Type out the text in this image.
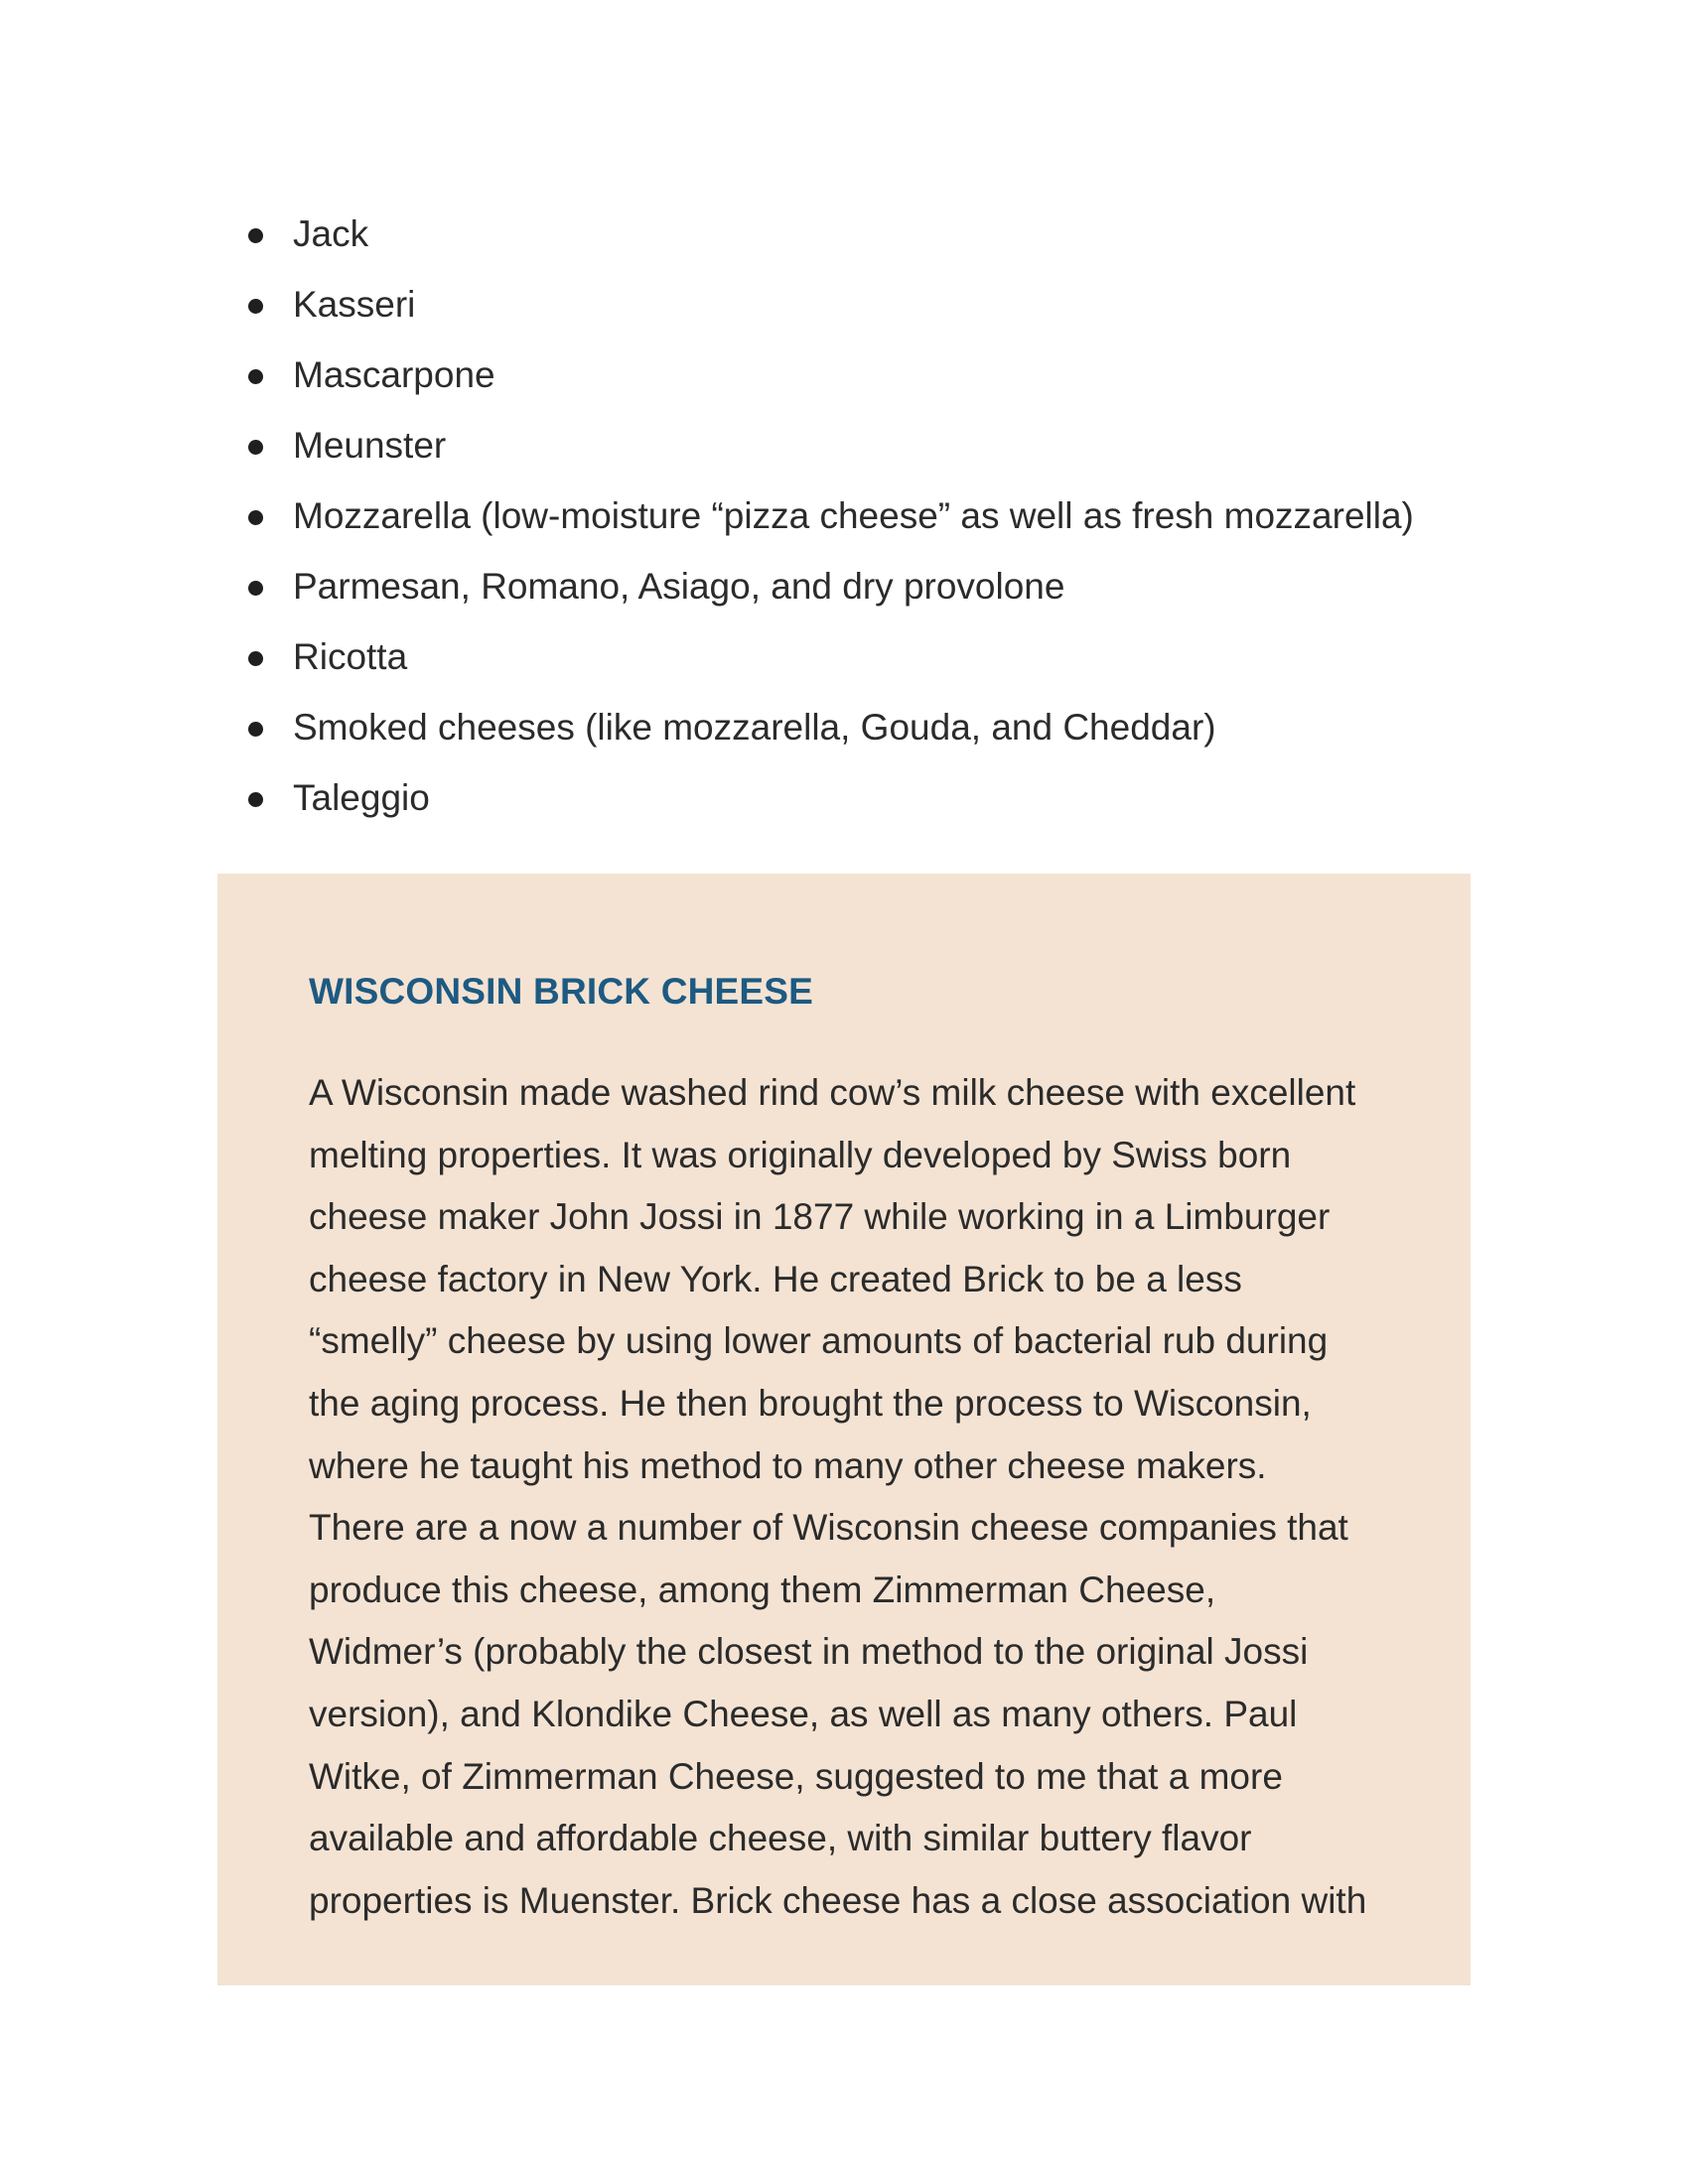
Jack
Kasseri
Mascarpone
Meunster
Mozzarella (low-moisture “pizza cheese” as well as fresh mozzarella)
Parmesan, Romano, Asiago, and dry provolone
Ricotta
Smoked cheeses (like mozzarella, Gouda, and Cheddar)
Taleggio
WISCONSIN BRICK CHEESE
A Wisconsin made washed rind cow’s milk cheese with excellent
melting properties. It was originally developed by Swiss born
cheese maker John Jossi in 1877 while working in a Limburger
cheese factory in New York. He created Brick to be a less
“smelly” cheese by using lower amounts of bacterial rub during
the aging process. He then brought the process to Wisconsin,
where he taught his method to many other cheese makers.
There are a now a number of Wisconsin cheese companies that
produce this cheese, among them Zimmerman Cheese,
Widmer’s (probably the closest in method to the original Jossi
version), and Klondike Cheese, as well as many others. Paul
Witke, of Zimmerman Cheese, suggested to me that a more
available and affordable cheese, with similar buttery flavor
properties is Muenster. Brick cheese has a close association with
